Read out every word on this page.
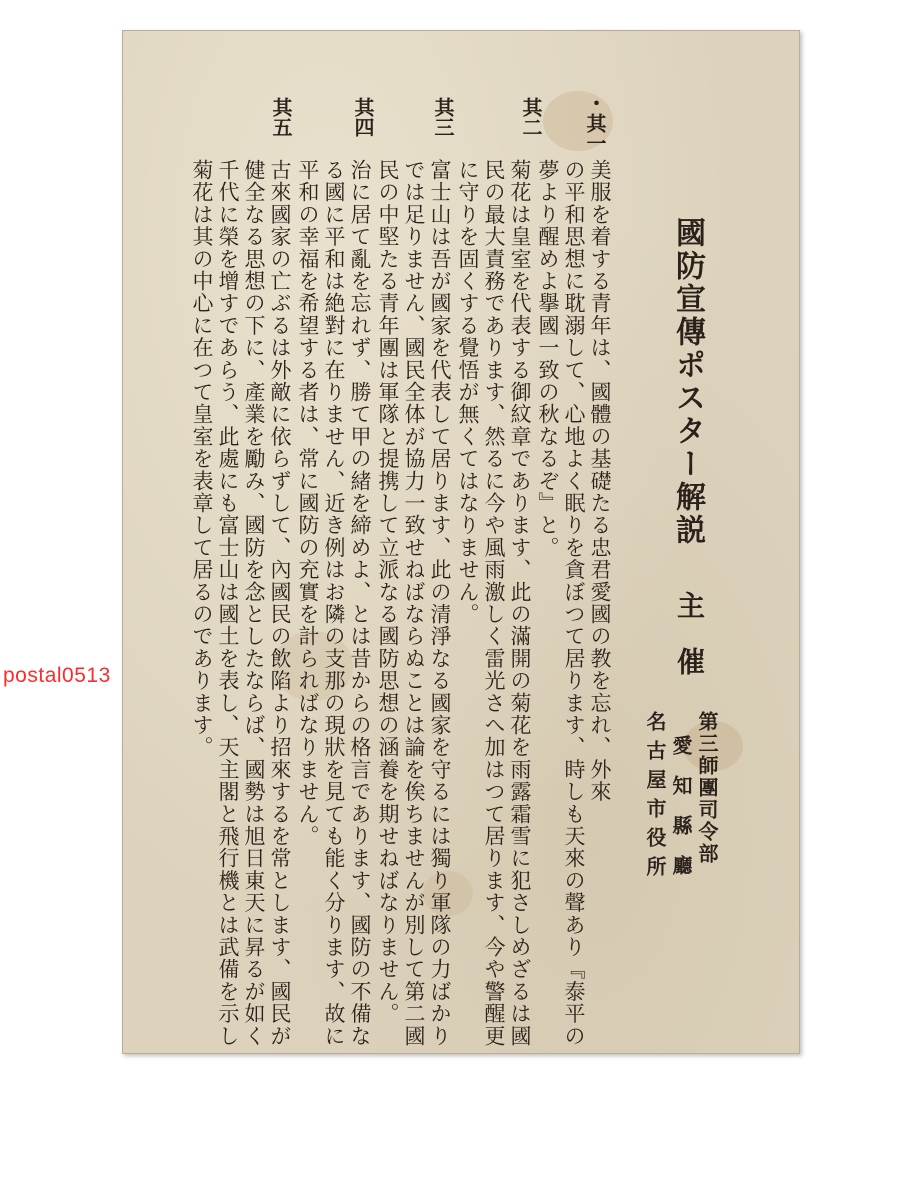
國防宣傳ポスター解説
主催
第三師團司令部
愛知縣廳
名古屋市役所
・其一
其二
其三
其四
其五
美服を着する青年は、國體の基礎たる忠君愛國の教を忘れ、外來
の平和思想に耽溺して、心地よく眠りを貪ぼつて居ります、時しも天來の聲あり『泰平の
夢より醒めよ擧國一致の秋なるぞ』と。
菊花は皇室を代表する御紋章であります、此の滿開の菊花を雨露霜雪に犯さしめざるは國
民の最大責務であります、然るに今や風雨激しく雷光さへ加はつて居ります、今や警醒更
に守りを固くする覺悟が無くてはなりません。
富士山は吾が國家を代表して居ります、此の清淨なる國家を守るには獨り軍隊の力ばかり
では足りません、國民全体が協力一致せねばならぬことは論を俟ちませんが別して第二國
民の中堅たる青年團は軍隊と提携して立派なる國防思想の涵養を期せねばなりません。
治に居て亂を忘れず、勝て甲の緒を締めよ、とは昔からの格言であります、國防の不備な
る國に平和は絶對に在りません、近き例はお隣の支那の現狀を見ても能く分ります、故に
平和の幸福を希望する者は、常に國防の充實を計らればなりません。
古來國家の亡ぶるは外敵に依らずして、內國民の飲陷より招來するを常とします、國民が
健全なる思想の下に、產業を勵み、國防を念としたならば、國勢は旭日東天に昇るが如く
千代に榮を增すであらう、此處にも富士山は國土を表し、天主閣と飛行機とは武備を示し
菊花は其の中心に在つて皇室を表章して居るのであります。
postal0513
